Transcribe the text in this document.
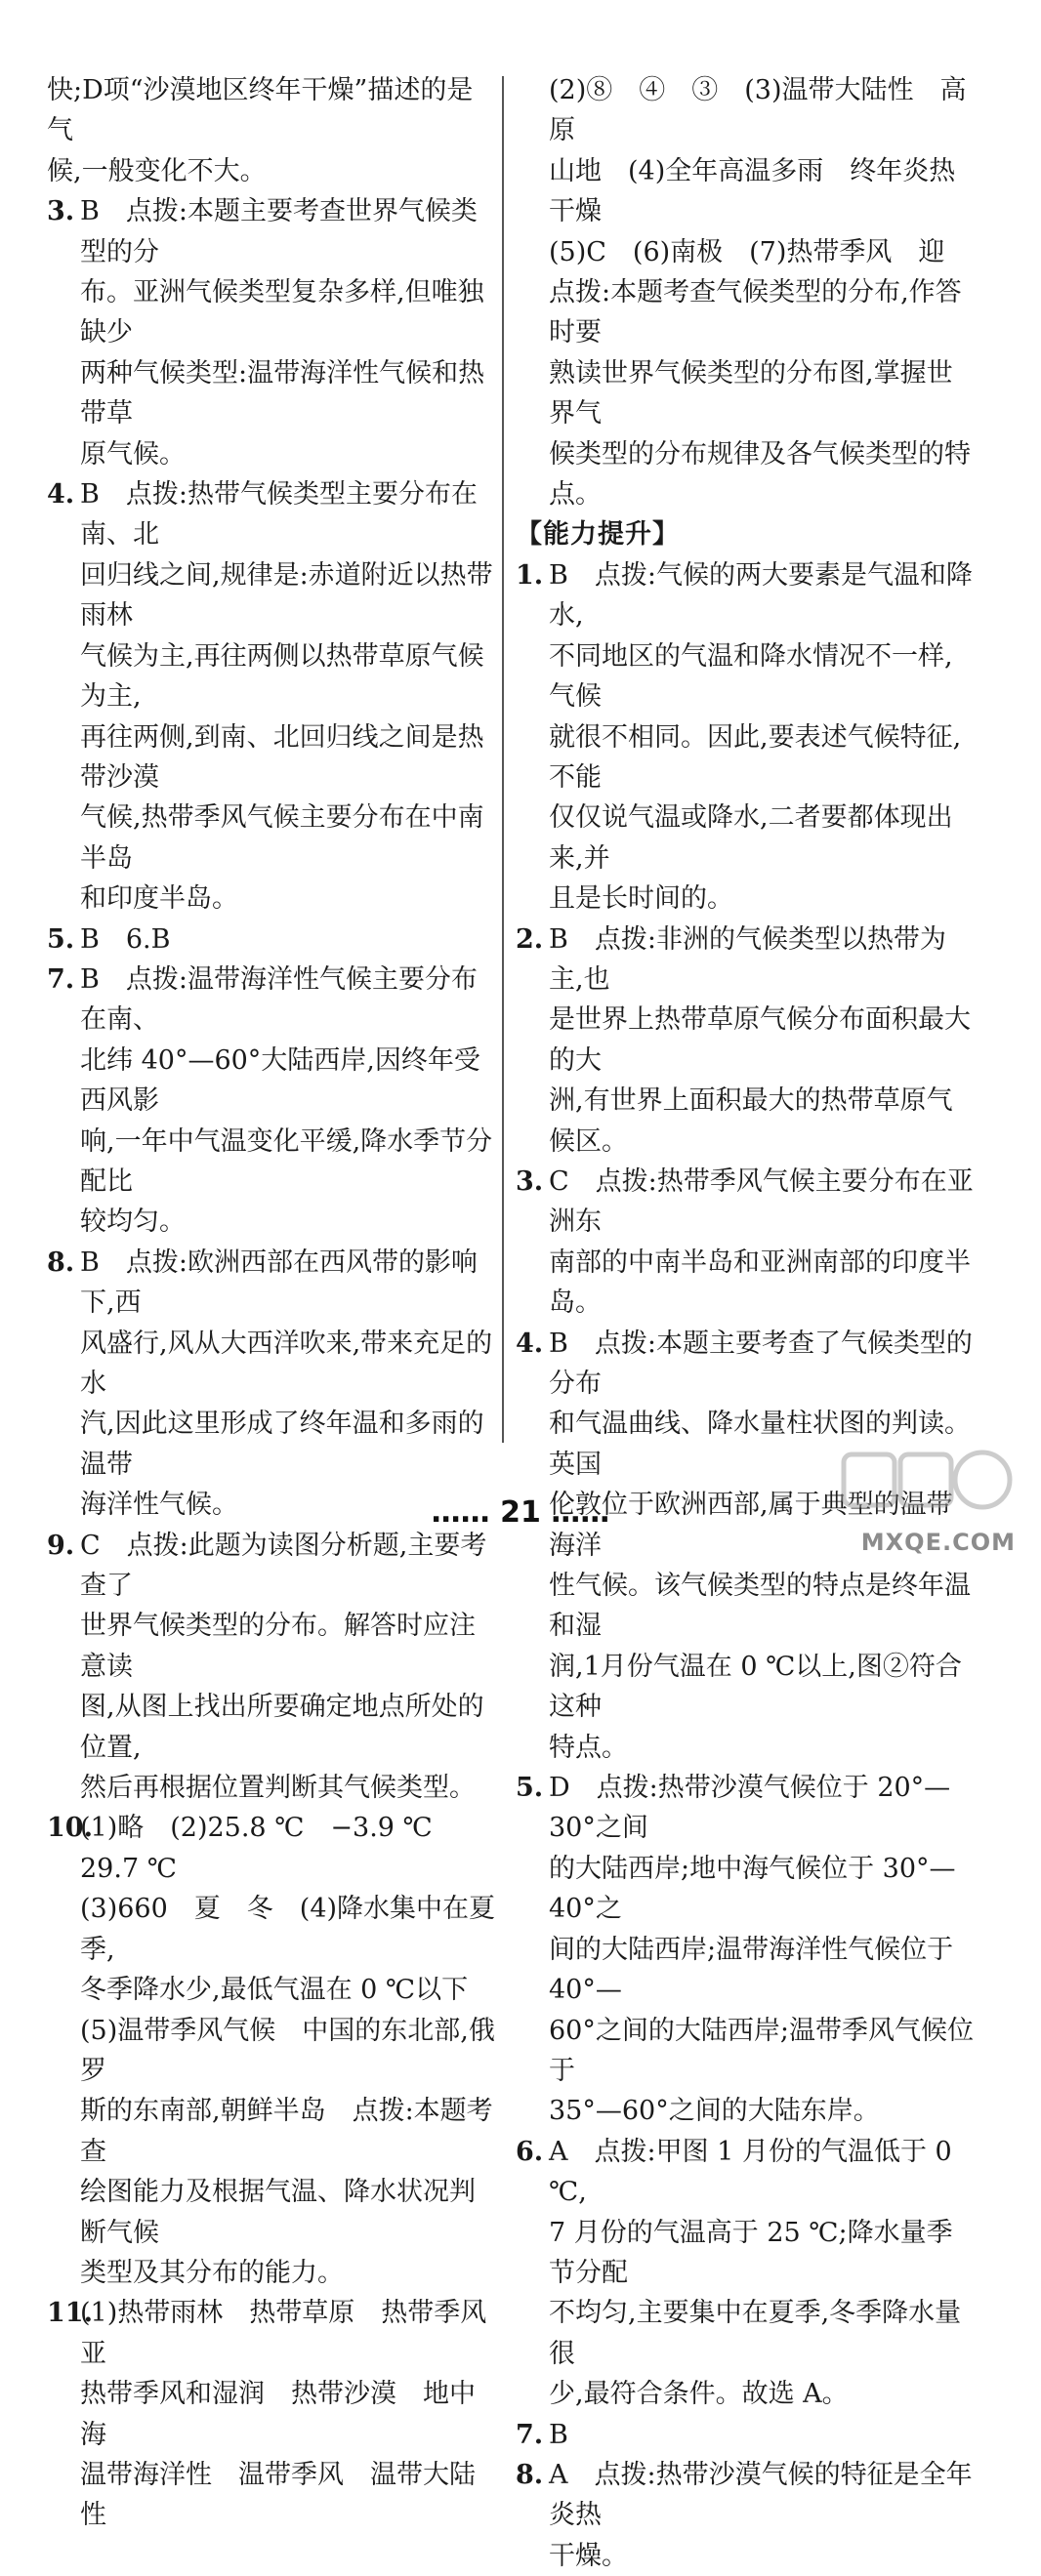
快;D项“沙漠地区终年干燥”描述的是气
候,一般变化不大。
3. B　点拨:本题主要考查世界气候类型的分
布。亚洲气候类型复杂多样,但唯独缺少
两种气候类型:温带海洋性气候和热带草
原气候。
4. B　点拨:热带气候类型主要分布在南、北
回归线之间,规律是:赤道附近以热带雨林
气候为主,再往两侧以热带草原气候为主,
再往两侧,到南、北回归线之间是热带沙漠
气候,热带季风气候主要分布在中南半岛
和印度半岛。
5. B　6.B
7. B　点拨:温带海洋性气候主要分布在南、
北纬 40°—60°大陆西岸,因终年受西风影
响,一年中气温变化平缓,降水季节分配比
较均匀。
8. B　点拨:欧洲西部在西风带的影响下,西
风盛行,风从大西洋吹来,带来充足的水
汽,因此这里形成了终年温和多雨的温带
海洋性气候。
9. C　点拨:此题为读图分析题,主要考查了
世界气候类型的分布。解答时应注意读
图,从图上找出所要确定地点所处的位置,
然后再根据位置判断其气候类型。
10.
(1)略　(2)25.8 ℃　−3.9 ℃　29.7 ℃
(3)660　夏　冬　(4)降水集中在夏季,
冬季降水少,最低气温在 0 ℃以下
(5)温带季风气候　中国的东北部,俄罗
斯的东南部,朝鲜半岛　点拨:本题考查
绘图能力及根据气温、降水状况判断气候
类型及其分布的能力。
11.
(1)热带雨林　热带草原　热带季风　亚
热带季风和湿润　热带沙漠　地中海
温带海洋性　温带季风　温带大陆性
(2)⑧　④　③　(3)温带大陆性　高原
山地　(4)全年高温多雨　终年炎热干燥
(5)C　(6)南极　(7)热带季风　迎
点拨:本题考查气候类型的分布,作答时要
熟读世界气候类型的分布图,掌握世界气
候类型的分布规律及各气候类型的特点。
【能力提升】
1. B　点拨:气候的两大要素是气温和降水,
不同地区的气温和降水情况不一样,气候
就很不相同。因此,要表述气候特征,不能
仅仅说气温或降水,二者要都体现出来,并
且是长时间的。
2. B　点拨:非洲的气候类型以热带为主,也
是世界上热带草原气候分布面积最大的大
洲,有世界上面积最大的热带草原气候区。
3. C　点拨:热带季风气候主要分布在亚洲东
南部的中南半岛和亚洲南部的印度半岛。
4. B　点拨:本题主要考查了气候类型的分布
和气温曲线、降水量柱状图的判读。英国
伦敦位于欧洲西部,属于典型的温带海洋
性气候。该气候类型的特点是终年温和湿
润,1月份气温在 0 ℃以上,图②符合这种
特点。
5. D　点拨:热带沙漠气候位于 20°—30°之间
的大陆西岸;地中海气候位于 30°—40°之
间的大陆西岸;温带海洋性气候位于 40°—
60°之间的大陆西岸;温带季风气候位于
35°—60°之间的大陆东岸。
6. A　点拨:甲图 1 月份的气温低于 0 ℃,
7 月份的气温高于 25 ℃;降水量季节分配
不均匀,主要集中在夏季,冬季降水量很
少,最符合条件。故选 A。
7. B
8. A　点拨:热带沙漠气候的特征是全年炎热
干燥。
…… 21 ……
MXQE.COM
